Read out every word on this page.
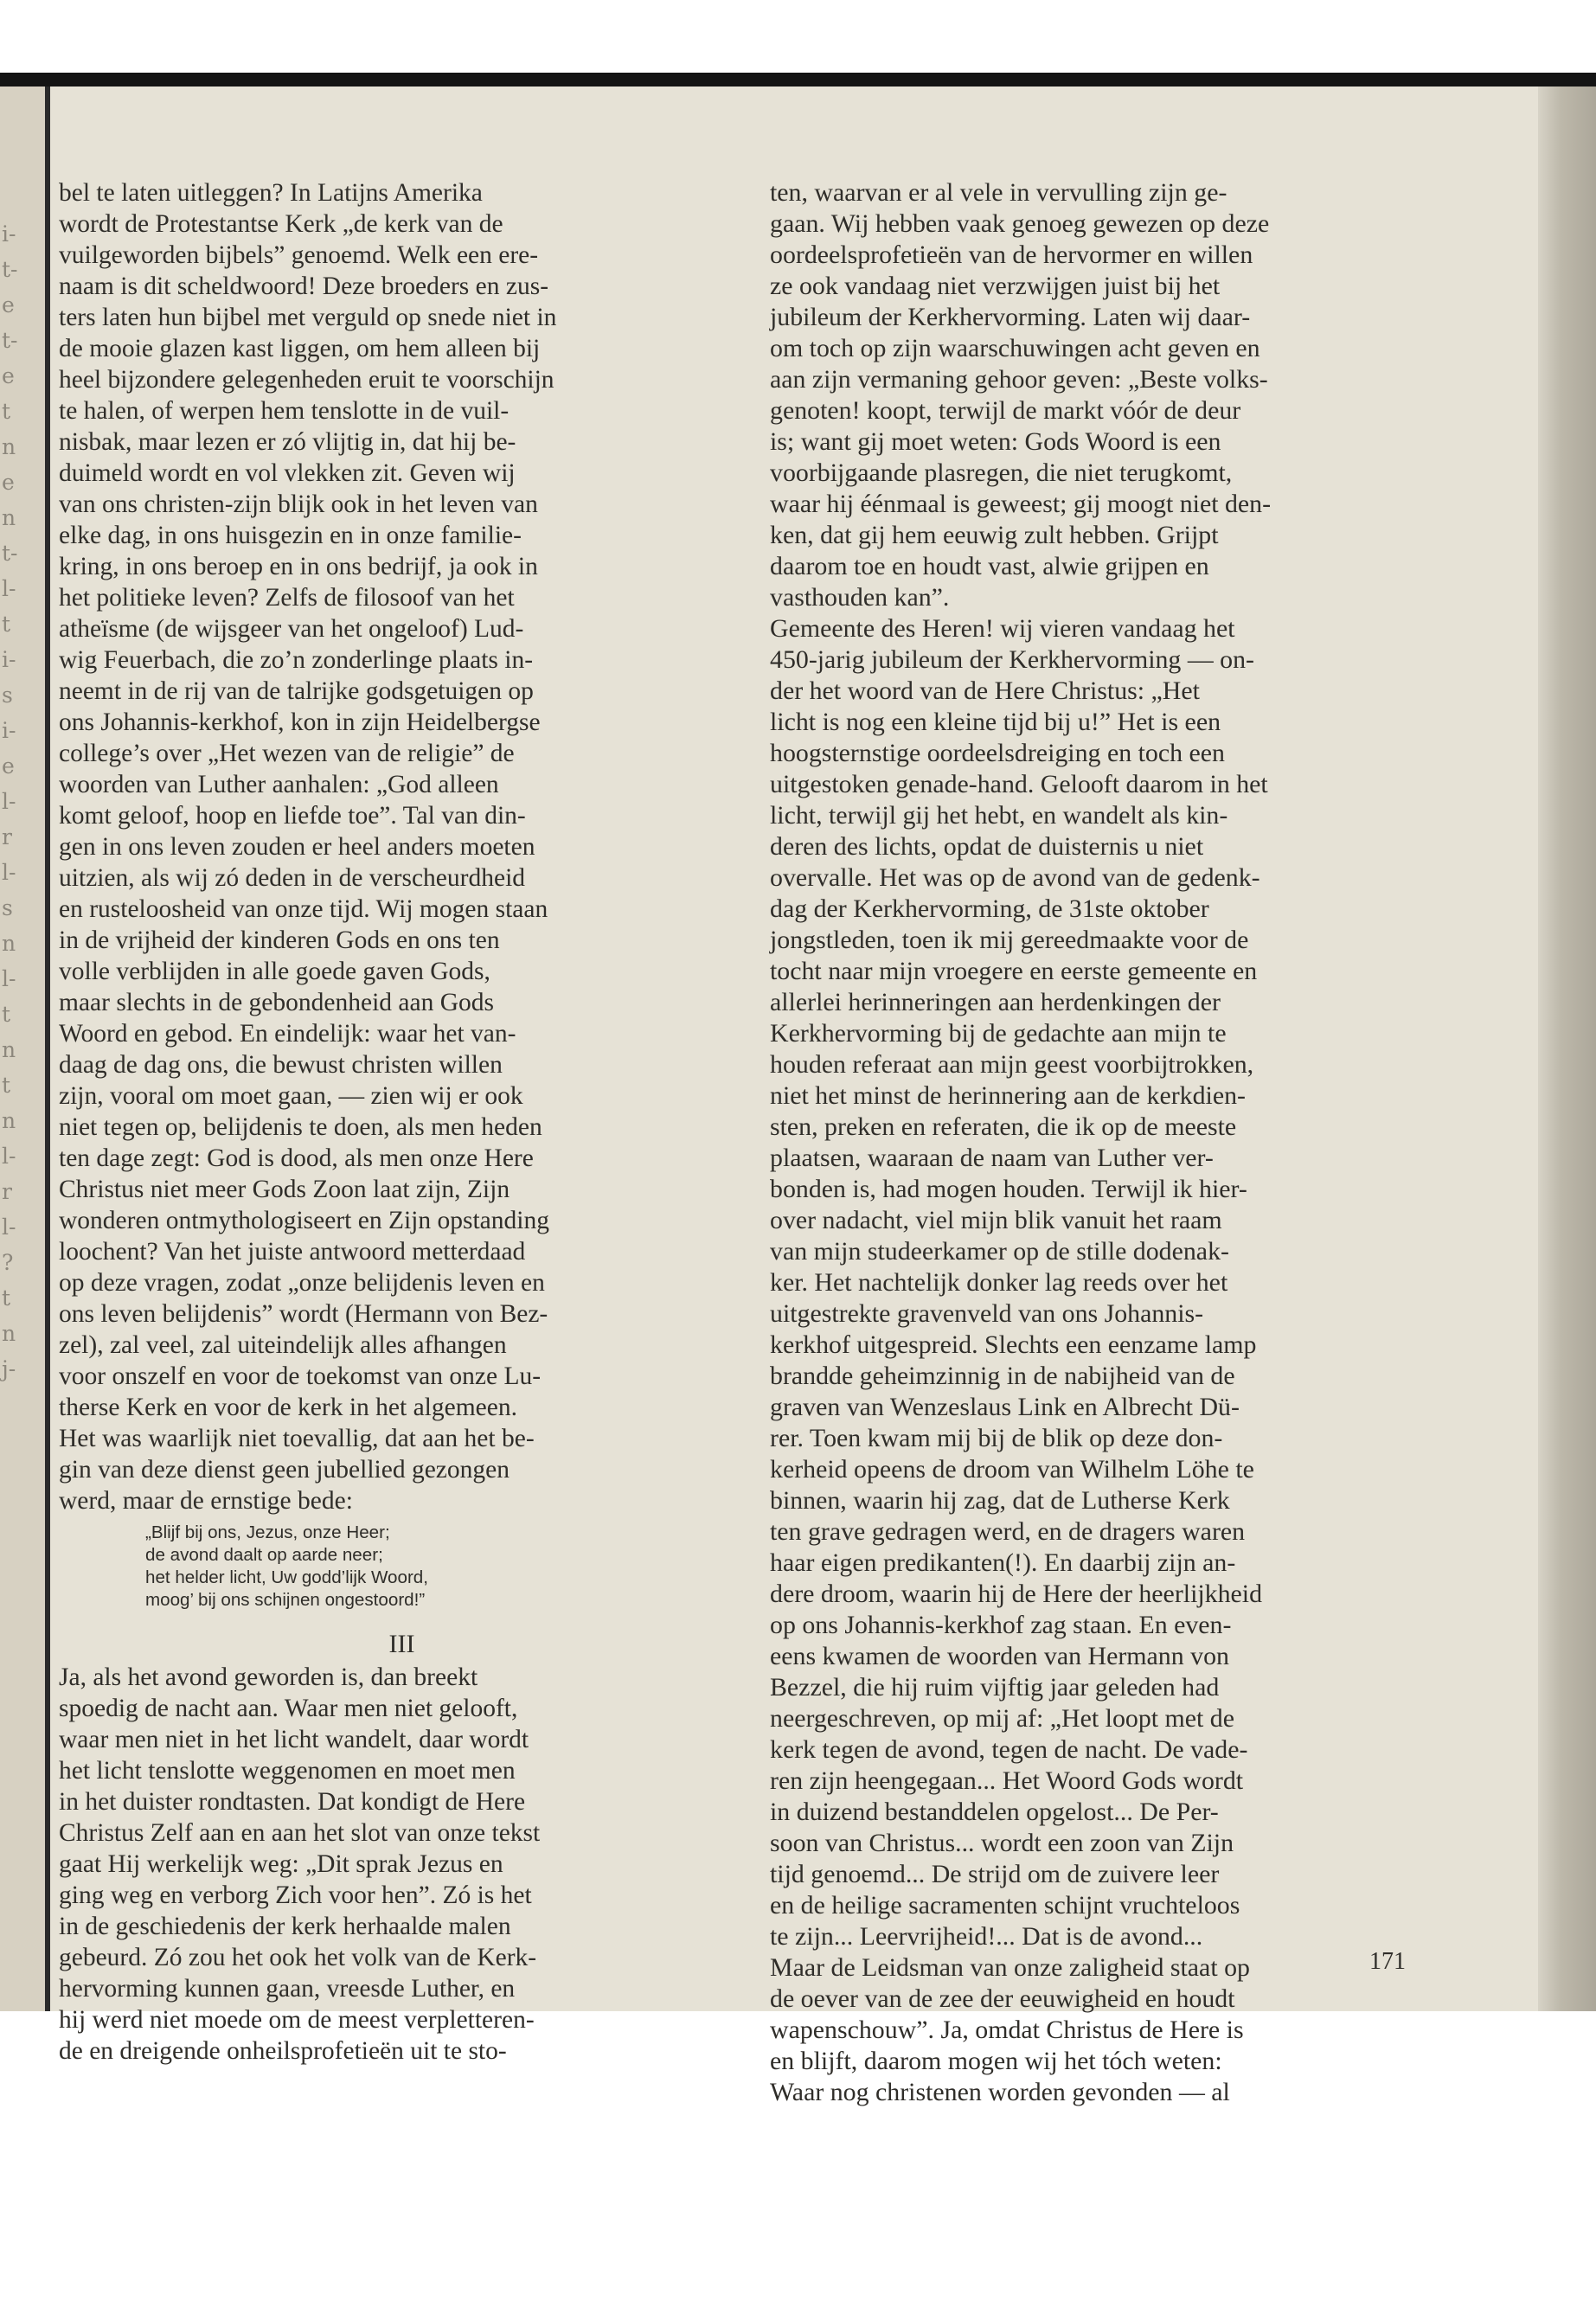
i-
t-
e
t-
e
t
n
e
n
t-
l-
t
i-
s
i-
e
l-
r
l-
s
n
l-
t
n
t
n
l-
r
l-
?
t
n
j-
bel te laten uitleggen? In Latijns Amerika
wordt de Protestantse Kerk „de kerk van de
vuilgeworden bijbels” genoemd. Welk een ere-
naam is dit scheldwoord! Deze broeders en zus-
ters laten hun bijbel met verguld op snede niet in
de mooie glazen kast liggen, om hem alleen bij
heel bijzondere gelegenheden eruit te voorschijn
te halen, of werpen hem tenslotte in de vuil-
nisbak, maar lezen er zó vlijtig in, dat hij be-
duimeld wordt en vol vlekken zit. Geven wij
van ons christen-zijn blijk ook in het leven van
elke dag, in ons huisgezin en in onze familie-
kring, in ons beroep en in ons bedrijf, ja ook in
het politieke leven? Zelfs de filosoof van het
atheïsme (de wijsgeer van het ongeloof) Lud-
wig Feuerbach, die zo’n zonderlinge plaats in-
neemt in de rij van de talrijke godsgetuigen op
ons Johannis-kerkhof, kon in zijn Heidelbergse
college’s over „Het wezen van de religie” de
woorden van Luther aanhalen: „God alleen
komt geloof, hoop en liefde toe”. Tal van din-
gen in ons leven zouden er heel anders moeten
uitzien, als wij zó deden in de verscheurdheid
en rusteloosheid van onze tijd. Wij mogen staan
in de vrijheid der kinderen Gods en ons ten
volle verblijden in alle goede gaven Gods,
maar slechts in de gebondenheid aan Gods
Woord en gebod. En eindelijk: waar het van-
daag de dag ons, die bewust christen willen
zijn, vooral om moet gaan, — zien wij er ook
niet tegen op, belijdenis te doen, als men heden
ten dage zegt: God is dood, als men onze Here
Christus niet meer Gods Zoon laat zijn, Zijn
wonderen ontmythologiseert en Zijn opstanding
loochent? Van het juiste antwoord metterdaad
op deze vragen, zodat „onze belijdenis leven en
ons leven belijdenis” wordt (Hermann von Bez-
zel), zal veel, zal uiteindelijk alles afhangen
voor onszelf en voor de toekomst van onze Lu-
therse Kerk en voor de kerk in het algemeen.
Het was waarlijk niet toevallig, dat aan het be-
gin van deze dienst geen jubellied gezongen
werd, maar de ernstige bede:
„Blijf bij ons, Jezus, onze Heer;
de avond daalt op aarde neer;
het helder licht, Uw godd’lijk Woord,
moog’ bij ons schijnen ongestoord!”
III
Ja, als het avond geworden is, dan breekt
spoedig de nacht aan. Waar men niet gelooft,
waar men niet in het licht wandelt, daar wordt
het licht tenslotte weggenomen en moet men
in het duister rondtasten. Dat kondigt de Here
Christus Zelf aan en aan het slot van onze tekst
gaat Hij werkelijk weg: „Dit sprak Jezus en
ging weg en verborg Zich voor hen”. Zó is het
in de geschiedenis der kerk herhaalde malen
gebeurd. Zó zou het ook het volk van de Kerk-
hervorming kunnen gaan, vreesde Luther, en
hij werd niet moede om de meest verpletteren-
de en dreigende onheilsprofetieën uit te sto-
ten, waarvan er al vele in vervulling zijn ge-
gaan. Wij hebben vaak genoeg gewezen op deze
oordeelsprofetieën van de hervormer en willen
ze ook vandaag niet verzwijgen juist bij het
jubileum der Kerkhervorming. Laten wij daar-
om toch op zijn waarschuwingen acht geven en
aan zijn vermaning gehoor geven: „Beste volks-
genoten! koopt, terwijl de markt vóór de deur
is; want gij moet weten: Gods Woord is een
voorbijgaande plasregen, die niet terugkomt,
waar hij éénmaal is geweest; gij moogt niet den-
ken, dat gij hem eeuwig zult hebben. Grijpt
daarom toe en houdt vast, alwie grijpen en
vasthouden kan”.
Gemeente des Heren! wij vieren vandaag het
450-jarig jubileum der Kerkhervorming — on-
der het woord van de Here Christus: „Het
licht is nog een kleine tijd bij u!” Het is een
hoogsternstige oordeelsdreiging en toch een
uitgestoken genade-hand. Gelooft daarom in het
licht, terwijl gij het hebt, en wandelt als kin-
deren des lichts, opdat de duisternis u niet
overvalle. Het was op de avond van de gedenk-
dag der Kerkhervorming, de 31ste oktober
jongstleden, toen ik mij gereedmaakte voor de
tocht naar mijn vroegere en eerste gemeente en
allerlei herinneringen aan herdenkingen der
Kerkhervorming bij de gedachte aan mijn te
houden referaat aan mijn geest voorbijtrokken,
niet het minst de herinnering aan de kerkdien-
sten, preken en referaten, die ik op de meeste
plaatsen, waaraan de naam van Luther ver-
bonden is, had mogen houden. Terwijl ik hier-
over nadacht, viel mijn blik vanuit het raam
van mijn studeerkamer op de stille dodenak-
ker. Het nachtelijk donker lag reeds over het
uitgestrekte gravenveld van ons Johannis-
kerkhof uitgespreid. Slechts een eenzame lamp
brandde geheimzinnig in de nabijheid van de
graven van Wenzeslaus Link en Albrecht Dü-
rer. Toen kwam mij bij de blik op deze don-
kerheid opeens de droom van Wilhelm Löhe te
binnen, waarin hij zag, dat de Lutherse Kerk
ten grave gedragen werd, en de dragers waren
haar eigen predikanten(!). En daarbij zijn an-
dere droom, waarin hij de Here der heerlijkheid
op ons Johannis-kerkhof zag staan. En even-
eens kwamen de woorden van Hermann von
Bezzel, die hij ruim vijftig jaar geleden had
neergeschreven, op mij af: „Het loopt met de
kerk tegen de avond, tegen de nacht. De vade-
ren zijn heengegaan... Het Woord Gods wordt
in duizend bestanddelen opgelost... De Per-
soon van Christus... wordt een zoon van Zijn
tijd genoemd... De strijd om de zuivere leer
en de heilige sacramenten schijnt vruchteloos
te zijn... Leervrijheid!... Dat is de avond...
Maar de Leidsman van onze zaligheid staat op
de oever van de zee der eeuwigheid en houdt
wapenschouw”. Ja, omdat Christus de Here is
en blijft, daarom mogen wij het tóch weten:
Waar nog christenen worden gevonden — al
171
